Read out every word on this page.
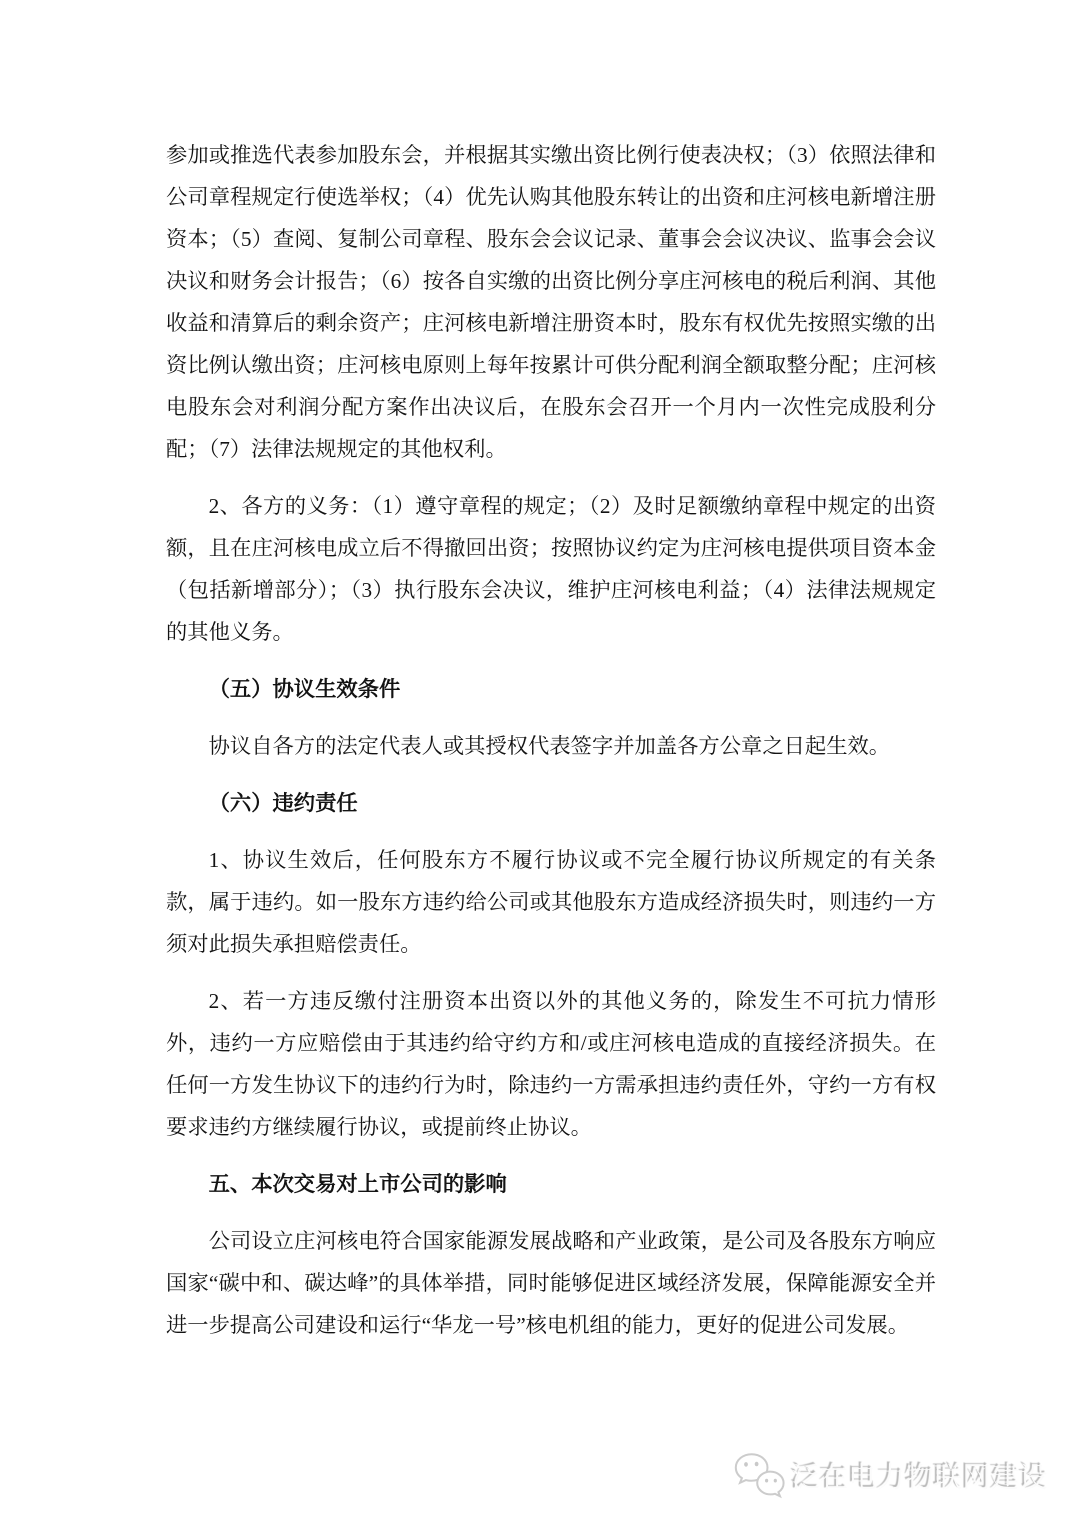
参加或推选代表参加股东会，并根据其实缴出资比例行使表决权；（3）依照法律和公司章程规定行使选举权；（4）优先认购其他股东转让的出资和庄河核电新增注册资本；（5）查阅、复制公司章程、股东会会议记录、董事会会议决议、监事会会议决议和财务会计报告；（6）按各自实缴的出资比例分享庄河核电的税后利润、其他收益和清算后的剩余资产；庄河核电新增注册资本时，股东有权优先按照实缴的出资比例认缴出资；庄河核电原则上每年按累计可供分配利润全额取整分配；庄河核电股东会对利润分配方案作出决议后，在股东会召开一个月内一次性完成股利分配；（7）法律法规规定的其他权利。

2、各方的义务：（1）遵守章程的规定；（2）及时足额缴纳章程中规定的出资额，且在庄河核电成立后不得撤回出资；按照协议约定为庄河核电提供项目资本金（包括新增部分）；（3）执行股东会决议，维护庄河核电利益；（4）法律法规规定的其他义务。

（五）协议生效条件

协议自各方的法定代表人或其授权代表签字并加盖各方公章之日起生效。

（六）违约责任

1、协议生效后，任何股东方不履行协议或不完全履行协议所规定的有关条款，属于违约。如一股东方违约给公司或其他股东方造成经济损失时，则违约一方须对此损失承担赔偿责任。

2、若一方违反缴付注册资本出资以外的其他义务的，除发生不可抗力情形外，违约一方应赔偿由于其违约给守约方和/或庄河核电造成的直接经济损失。在任何一方发生协议下的违约行为时，除违约一方需承担违约责任外，守约一方有权要求违约方继续履行协议，或提前终止协议。

五、本次交易对上市公司的影响

公司设立庄河核电符合国家能源发展战略和产业政策，是公司及各股东方响应国家“碳中和、碳达峰”的具体举措，同时能够促进区域经济发展，保障能源安全并进一步提高公司建设和运行“华龙一号”核电机组的能力，更好的促进公司发展。

泛在电力物联网建设
